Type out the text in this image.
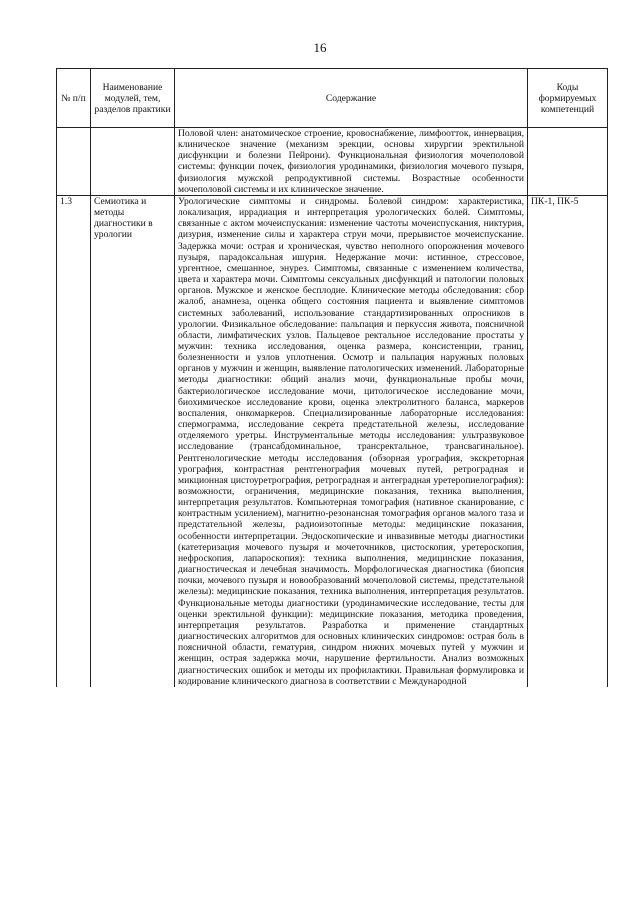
16
№ п/п	Наименование модулей, тем, разделов практики	Содержание	Коды формируемых компетенций

		Половой член: анатомическое строение, кровоснабжение, лимфоотток, иннервация, клиническое значение (механизм эрекции, основы хирургии эректильной дисфункции и болезни Пейрони). Функциональная физиология мочеполовой системы: функции почек, физиология уродинамики, физиология мочевого пузыря, физиология мужской репродуктивной системы. Возрастные особенности мочеполовой системы и их клиническое значение.	

1.3	Семиотика и методы диагностики в урологии	Урологические симптомы и синдромы. Болевой синдром: характеристика, локализация, иррадиация и интерпретация урологических болей. Симптомы, связанные с актом мочеиспускания: изменение частоты мочеиспускания, никтурия, дизурия, изменение силы и характера струи мочи, прерывистое мочеиспускание. Задержка мочи: острая и хроническая, чувство неполного опорожнения мочевого пузыря, парадоксальная ишурия. Недержание мочи: истинное, стрессовое, ургентное, смешанное, энурез. Симптомы, связанные с изменением количества, цвета и характера мочи. Симптомы сексуальных дисфункций и патологии половых органов. Мужское и женское бесплодие. Клинические методы обследования: сбор жалоб, анамнеза, оценка общего состояния пациента и выявление симптомов системных заболеваний, использование стандартизированных опросников в урологии. Физикальное обследование: пальпация и перкуссия живота, поясничной области, лимфатических узлов. Пальцевое ректальное исследование простаты у мужчин: техника исследования, оценка размера, консистенции, границ, болезненности и узлов уплотнения. Осмотр и пальпация наружных половых органов у мужчин и женщин, выявление патологических изменений. Лабораторные методы диагностики: общий анализ мочи, функциональные пробы мочи, бактериологическое исследование мочи, цитологическое исследование мочи, биохимическое исследование крови, оценка электролитного баланса, маркеров воспаления, онкомаркеров. Специализированные лабораторные исследования: спермограмма, исследование секрета предстательной железы, исследование отделяемого уретры. Инструментальные методы исследования: ультразвуковое исследование (трансабдоминальное, трансректальное, трансвагинальное). Рентгенологические методы исследования (обзорная урография, экскреторная урография, контрастная рентгенография мочевых путей, ретроградная и микционная цистоуретрография, ретроградная и антеградная уретеропиелография): возможности, ограничения, медицинские показания, техника выполнения, интерпретация результатов. Компьютерная томография (нативное сканирование, с контрастным усилением), магнитно-резонансная томография органов малого таза и предстательной железы, радиоизотопные методы: медицинские показания, особенности интерпретации. Эндоскопические и инвазивные методы диагностики (катетеризация мочевого пузыря и мочеточников, цистоскопия, уретероскопия, нефроскопия, лапароскопия): техника выполнения, медицинские показания, диагностическая и лечебная значимость. Морфологическая диагностика (биопсия почки, мочевого пузыря и новообразований мочеполовой системы, предстательной железы): медицинские показания, техника выполнения, интерпретация результатов. Функциональные методы диагностики (уродинамические исследование, тесты для оценки эректильной функции): медицинские показания, методика проведения, интерпретация результатов. Разработка и применение стандартных диагностических алгоритмов для основных клинических синдромов: острая боль в поясничной области, гематурия, синдром нижних мочевых путей у мужчин и женщин, острая задержка мочи, нарушение фертильности. Анализ возможных диагностических ошибок и методы их профилактики. Правильная формулировка и кодирование клинического диагноза в соответствии с Международной	ПК-1, ПК-5
